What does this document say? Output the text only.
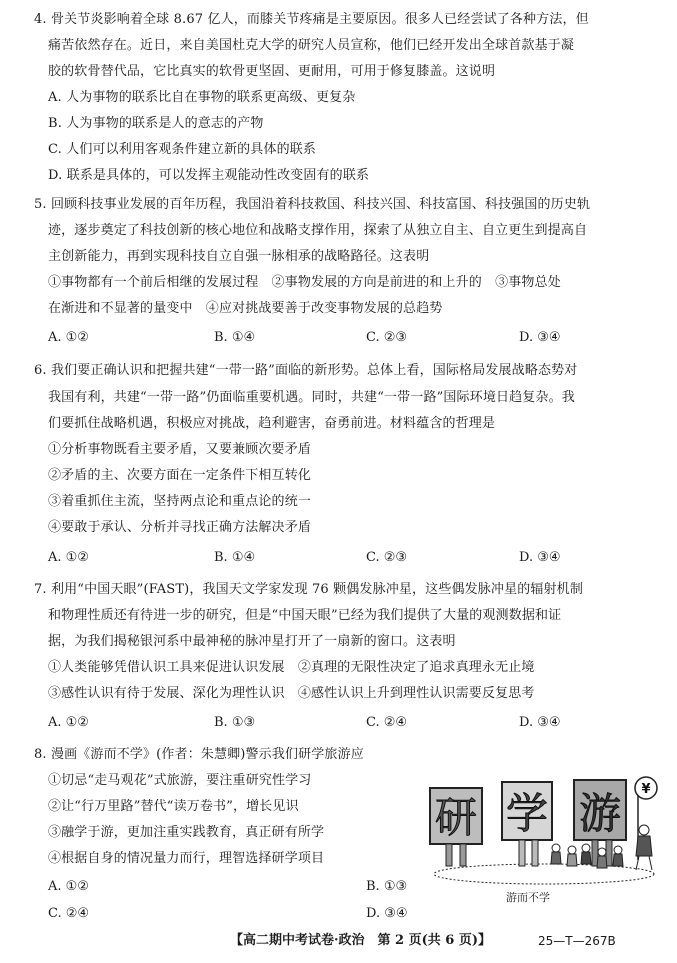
4. 骨关节炎影响着全球 8.67 亿人，而膝关节疼痛是主要原因。很多人已经尝试了各种方法，但
痛苦依然存在。近日，来自美国杜克大学的研究人员宣称，他们已经开发出全球首款基于凝
胶的软骨替代品，它比真实的软骨更坚固、更耐用，可用于修复膝盖。这说明
A. 人为事物的联系比自在事物的联系更高级、更复杂
B. 人为事物的联系是人的意志的产物
C. 人们可以利用客观条件建立新的具体的联系
D. 联系是具体的，可以发挥主观能动性改变固有的联系
5. 回顾科技事业发展的百年历程，我国沿着科技救国、科技兴国、科技富国、科技强国的历史轨
迹，逐步奠定了科技创新的核心地位和战略支撑作用，探索了从独立自主、自立更生到提高自
主创新能力，再到实现科技自立自强一脉相承的战略路径。这表明
①事物都有一个前后相继的发展过程　②事物发展的方向是前进的和上升的　③事物总处
在渐进和不显著的量变中　④应对挑战要善于改变事物发展的总趋势
A. ①②	B. ①④	C. ②③	D. ③④
6. 我们要正确认识和把握共建“一带一路”面临的新形势。总体上看，国际格局发展战略态势对
我国有利，共建“一带一路”仍面临重要机遇。同时，共建“一带一路”国际环境日趋复杂。我
们要抓住战略机遇，积极应对挑战，趋利避害，奋勇前进。材料蕴含的哲理是
①分析事物既看主要矛盾，又要兼顾次要矛盾
②矛盾的主、次要方面在一定条件下相互转化
③着重抓住主流，坚持两点论和重点论的统一
④要敢于承认、分析并寻找正确方法解决矛盾
A. ①②	B. ①④	C. ②③	D. ③④
7. 利用“中国天眼”(FAST)，我国天文学家发现 76 颗偶发脉冲星，这些偶发脉冲星的辐射机制
和物理性质还有待进一步的研究，但是“中国天眼”已经为我们提供了大量的观测数据和证
据，为我们揭秘银河系中最神秘的脉冲星打开了一扇新的窗口。这表明
①人类能够凭借认识工具来促进认识发展　②真理的无限性决定了追求真理永无止境
③感性认识有待于发展、深化为理性认识　④感性认识上升到理性认识需要反复思考
A. ①②	B. ①③	C. ②④	D. ③④
8. 漫画《游而不学》(作者：朱慧卿)警示我们研学旅游应
①切忌“走马观花”式旅游，要注重研究性学习
②让“行万里路”替代“读万卷书”，增长见识
③融学于游，更加注重实践教育，真正研有所学
④根据自身的情况量力而行，理智选择研学项目
A. ①②	B. ①③
C. ②④	D. ③④
研 学 游 ¥
游而不学
【高二期中考试卷·政治　第 2 页(共 6 页)】	25—T—267B
